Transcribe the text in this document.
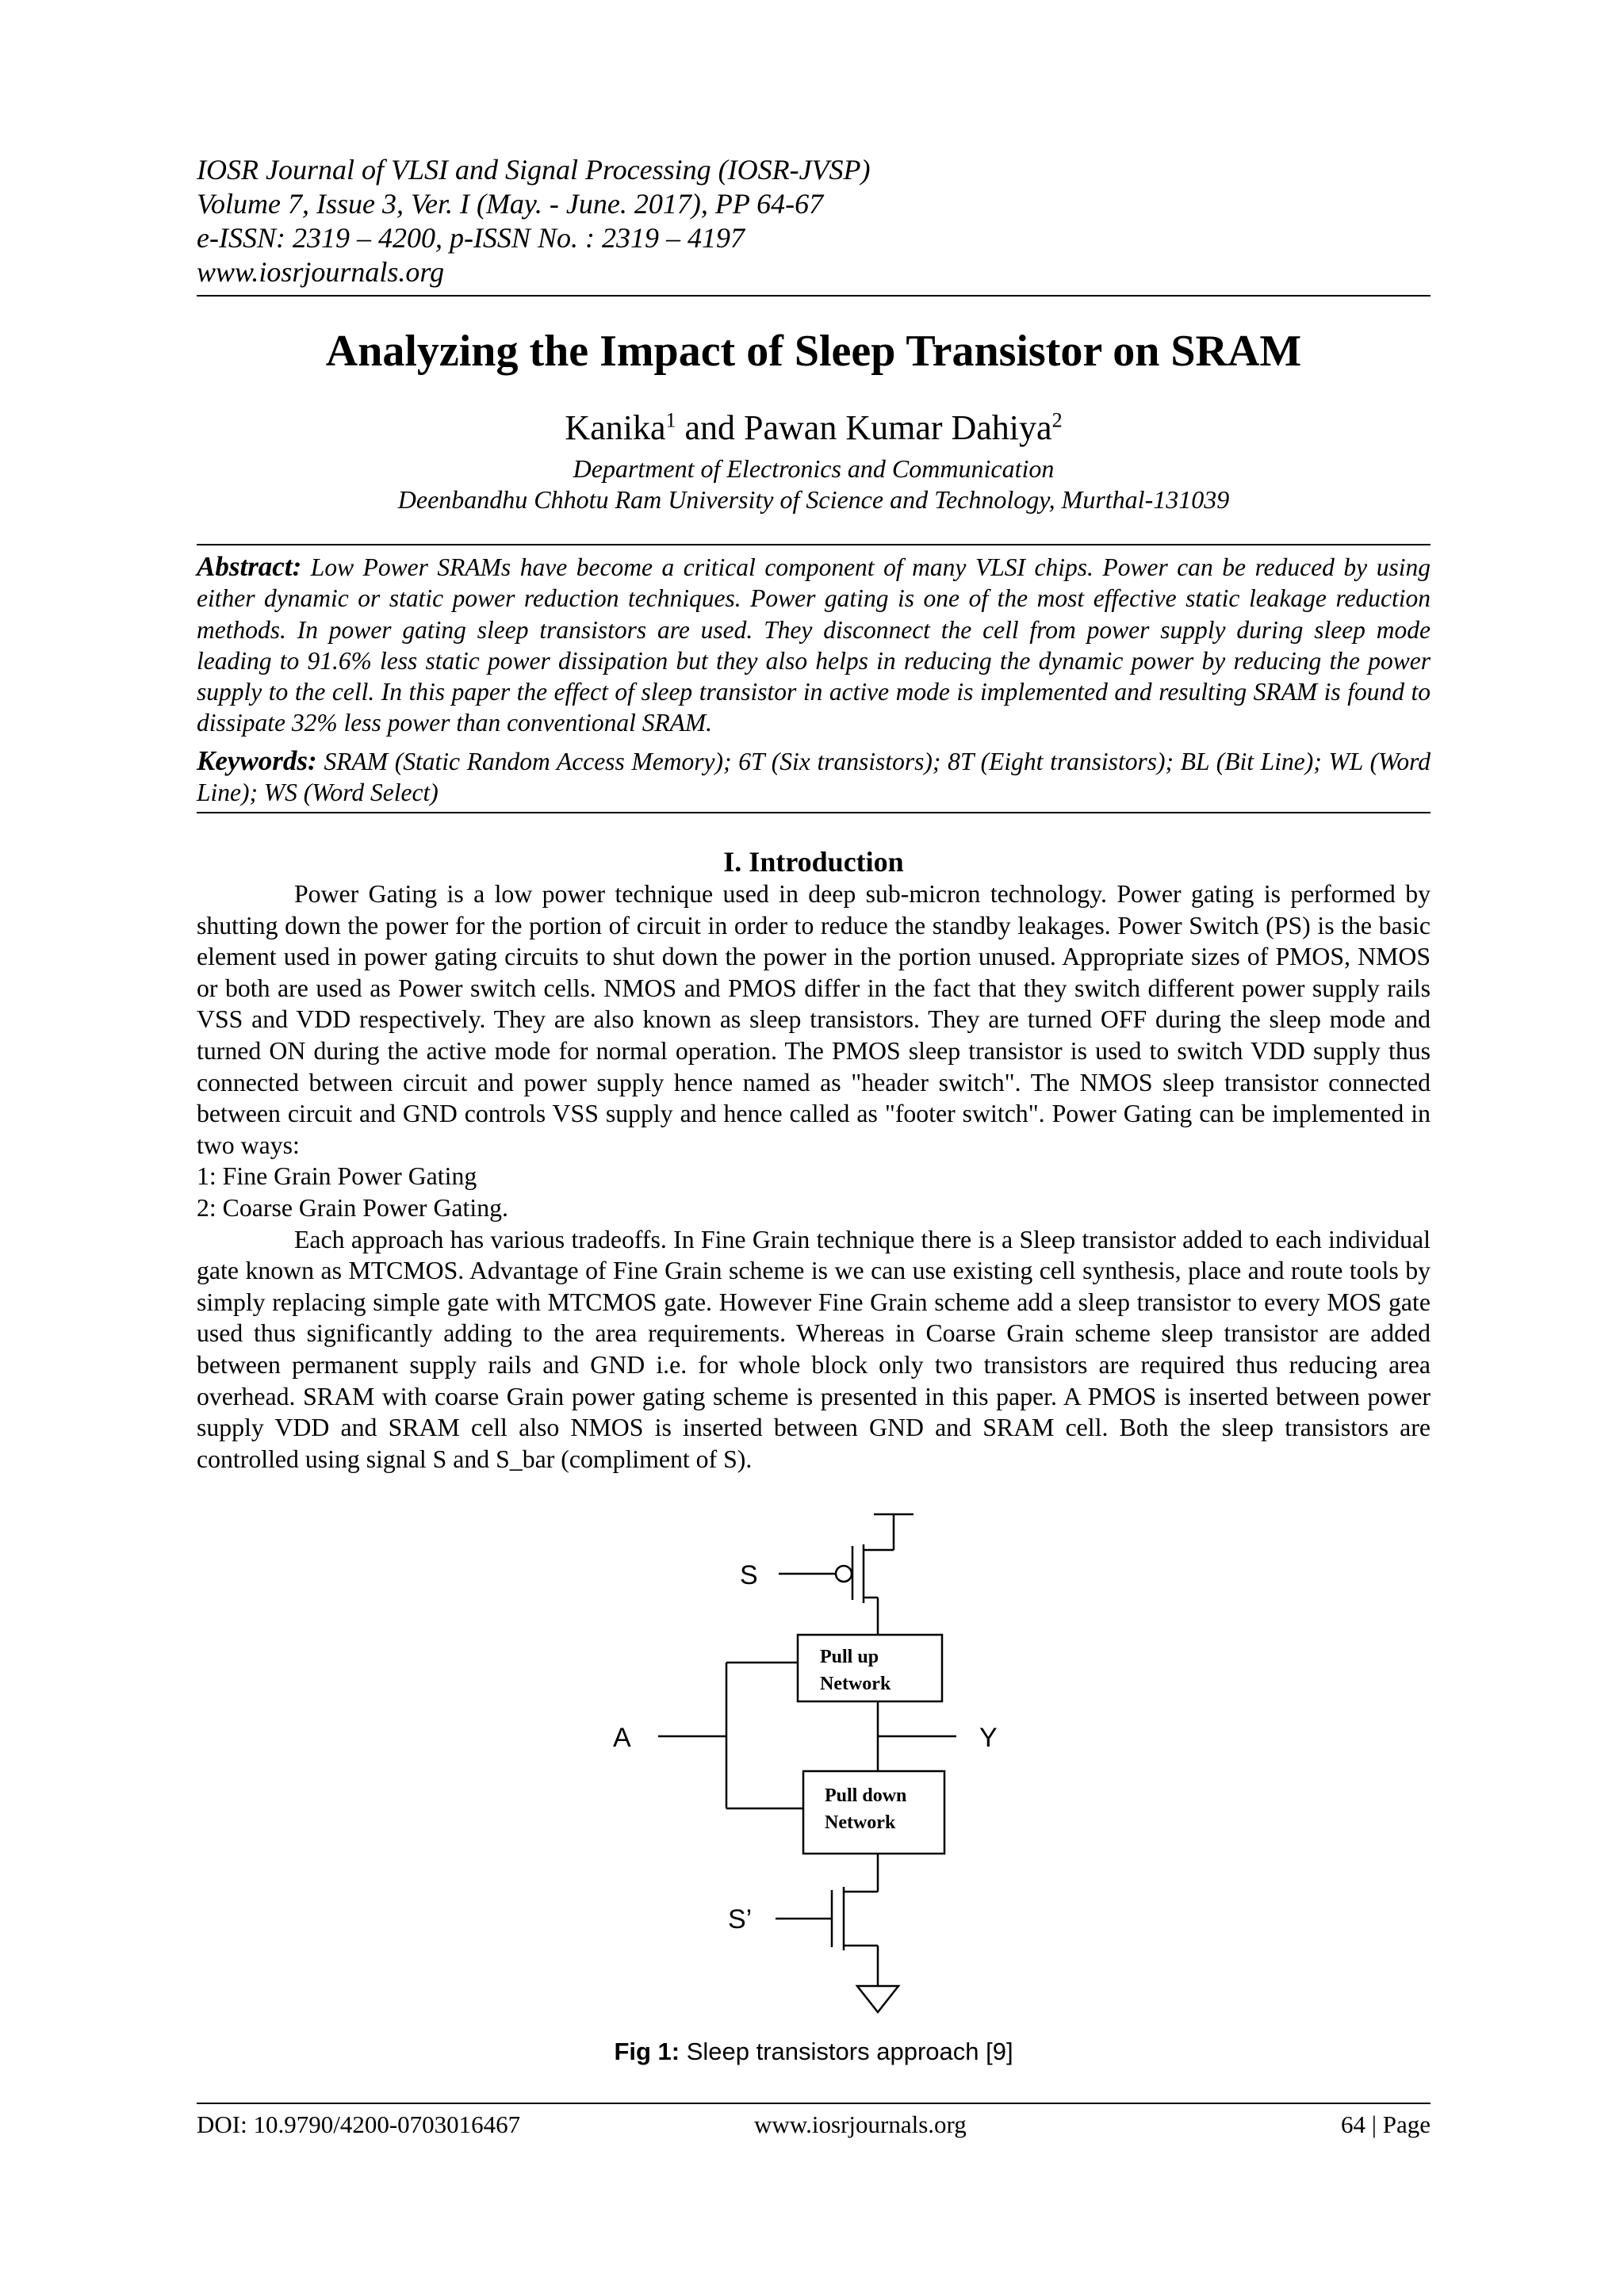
IOSR Journal of VLSI and Signal Processing (IOSR-JVSP)
Volume 7, Issue 3, Ver. I (May. - June. 2017), PP 64-67
e-ISSN: 2319 – 4200, p-ISSN No. : 2319 – 4197
www.iosrjournals.org
Analyzing the Impact of Sleep Transistor on SRAM
Kanika$^1$ and Pawan Kumar Dahiya$^2$
Department of Electronics and Communication
Deenbandhu Chhotu Ram University of Science and Technology, Murthal-131039
Abstract: Low Power SRAMs have become a critical component of many VLSI chips. Power can be reduced by using either dynamic or static power reduction techniques. Power gating is one of the most effective static leakage reduction methods. In power gating sleep transistors are used. They disconnect the cell from power supply during sleep mode leading to 91.6% less static power dissipation but they also helps in reducing the dynamic power by reducing the power supply to the cell. In this paper the effect of sleep transistor in active mode is implemented and resulting SRAM is found to dissipate 32% less power than conventional SRAM.
Keywords: SRAM (Static Random Access Memory); 6T (Six transistors); 8T (Eight transistors); BL (Bit Line); WL (Word Line); WS (Word Select)
I. Introduction

Power Gating is a low power technique used in deep sub-micron technology. Power gating is performed by shutting down the power for the portion of circuit in order to reduce the standby leakages. Power Switch (PS) is the basic element used in power gating circuits to shut down the power in the portion unused. Appropriate sizes of PMOS, NMOS or both are used as Power switch cells. NMOS and PMOS differ in the fact that they switch different power supply rails VSS and VDD respectively. They are also known as sleep transistors. They are turned OFF during the sleep mode and turned ON during the active mode for normal operation. The PMOS sleep transistor is used to switch VDD supply thus connected between circuit and power supply hence named as "header switch". The NMOS sleep transistor connected between circuit and GND controls VSS supply and hence called as "footer switch". Power Gating can be implemented in two ways:

1: Fine Grain Power Gating

2: Coarse Grain Power Gating.

Each approach has various tradeoffs. In Fine Grain technique there is a Sleep transistor added to each individual gate known as MTCMOS. Advantage of Fine Grain scheme is we can use existing cell synthesis, place and route tools by simply replacing simple gate with MTCMOS gate. However Fine Grain scheme add a sleep transistor to every MOS gate used thus significantly adding to the area requirements. Whereas in Coarse Grain scheme sleep transistor are added between permanent supply rails and GND i.e. for whole block only two transistors are required thus reducing area overhead. SRAM with coarse Grain power gating scheme is presented in this paper. A PMOS is inserted between power supply VDD and SRAM cell also NMOS is inserted between GND and SRAM cell. Both the sleep transistors are controlled using signal S and S_bar (compliment of S).

S
A	Y
S’
Pull up
Network
Pull down
Network
Fig 1: Sleep transistors approach [9]
DOI: 10.9790/4200-0703016467	www.iosrjournals.org	64 | Page
